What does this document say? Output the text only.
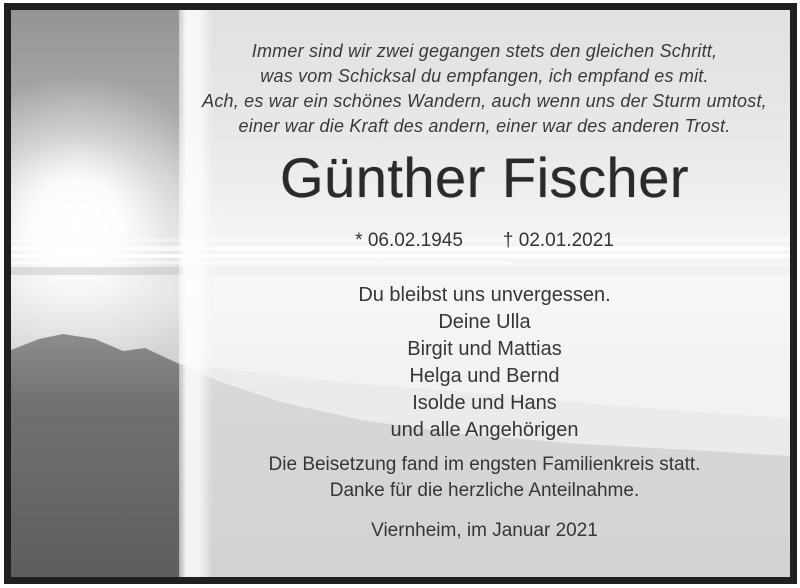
Immer sind wir zwei gegangen stets den gleichen Schritt,
was vom Schicksal du empfangen, ich empfand es mit.
Ach, es war ein schönes Wandern, auch wenn uns der Sturm umtost,
einer war die Kraft des andern, einer war des anderen Trost.
Günther Fischer
* 06.02.1945 † 02.01.2021
Du bleibst uns unvergessen.
Deine Ulla
Birgit und Mattias
Helga und Bernd
Isolde und Hans
und alle Angehörigen
Die Beisetzung fand im engsten Familienkreis statt.
Danke für die herzliche Anteilnahme.
Viernheim, im Januar 2021
